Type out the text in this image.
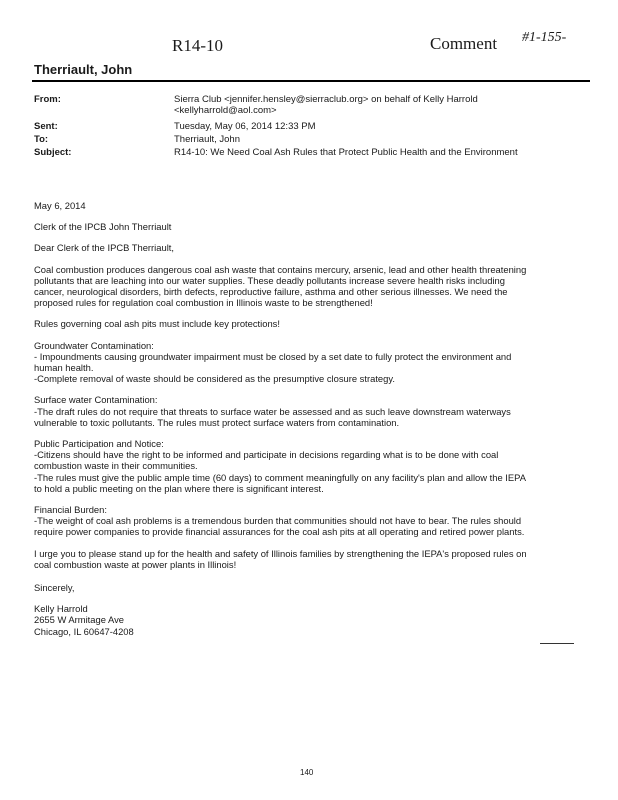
R14-10	Comment #1-155-
Therriault, John
From:	Sierra Club <jennifer.hensley@sierraclub.org> on behalf of Kelly Harrold
<kellyharrold@aol.com>
Sent:	Tuesday, May 06, 2014 12:33 PM
To:	Therriault, John
Subject:	R14-10: We Need Coal Ash Rules that Protect Public Health and the Environment

May 6, 2014

Clerk of the IPCB John Therriault

Dear Clerk of the IPCB Therriault,

Coal combustion produces dangerous coal ash waste that contains mercury, arsenic, lead and other health threatening
pollutants that are leaching into our water supplies. These deadly pollutants increase severe health risks including
cancer, neurological disorders, birth defects, reproductive failure, asthma and other serious illnesses. We need the
proposed rules for regulation coal combustion in Illinois waste to be strengthened!

Rules governing coal ash pits must include key protections!

Groundwater Contamination:
- Impoundments causing groundwater impairment must be closed by a set date to fully protect the environment and
human health.
-Complete removal of waste should be considered as the presumptive closure strategy.
Surface water Contamination:
-The draft rules do not require that threats to surface water be assessed and as such leave downstream waterways
vulnerable to toxic pollutants. The rules must protect surface waters from contamination.
Public Participation and Notice:
-Citizens should have the right to be informed and participate in decisions regarding what is to be done with coal
combustion waste in their communities.
-The rules must give the public ample time (60 days) to comment meaningfully on any facility's plan and allow the IEPA
to hold a public meeting on the plan where there is significant interest.
Financial Burden:
-The weight of coal ash problems is a tremendous burden that communities should not have to bear. The rules should
require power companies to provide financial assurances for the coal ash pits at all operating and retired power plants.
I urge you to please stand up for the health and safety of Illinois families by strengthening the IEPA's proposed rules on
coal combustion waste at power plants in Illinois!

Sincerely,

Kelly Harrold
2655 W Armitage Ave
Chicago, IL 60647-4208
140
